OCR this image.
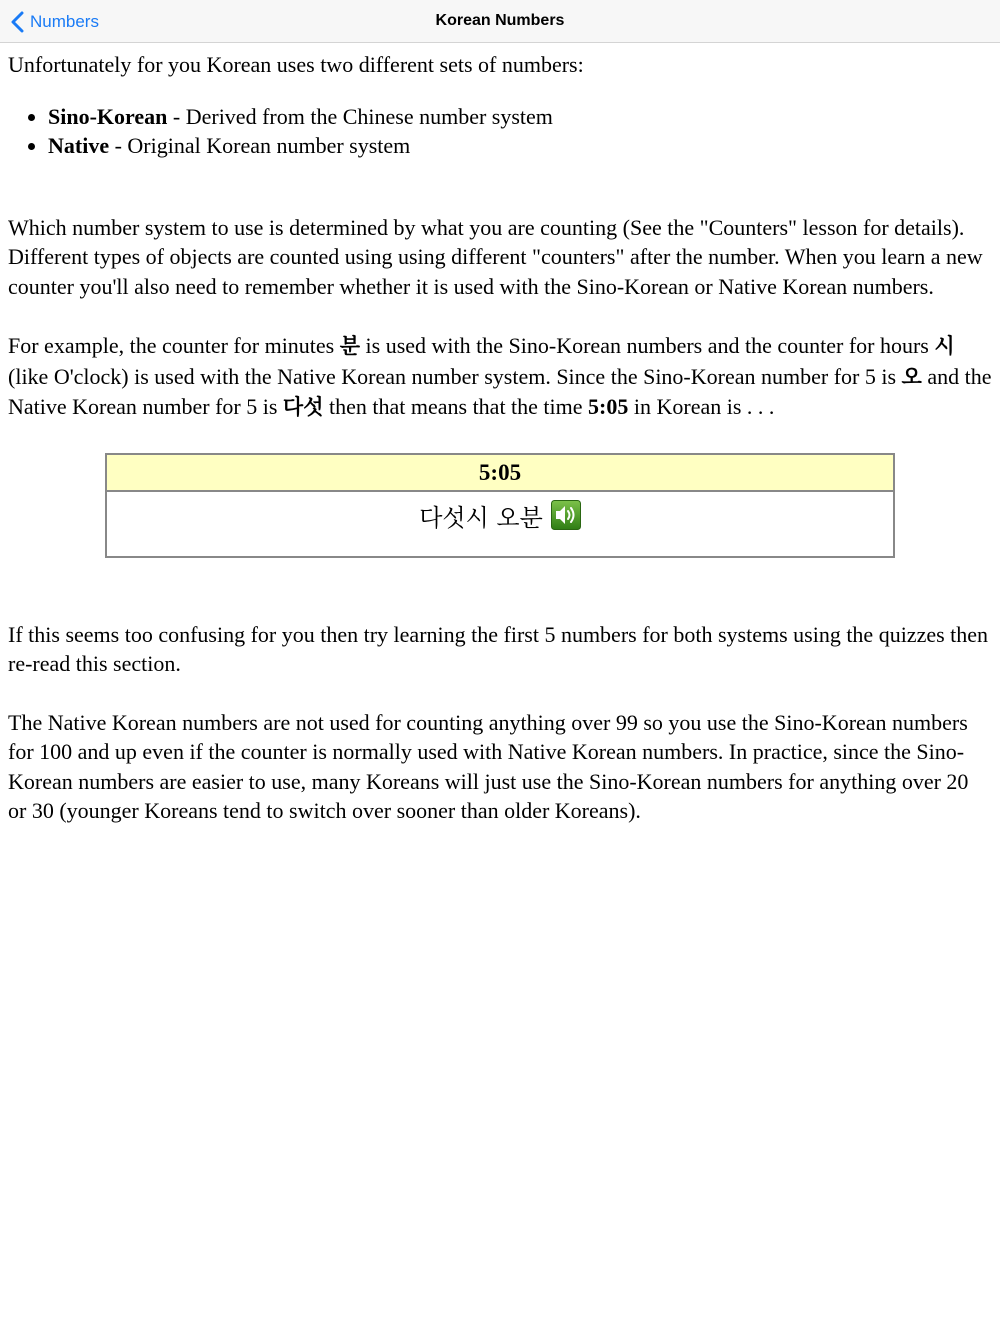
Numbers	Korean Numbers

Unfortunately for you Korean uses two different sets of numbers:

• Sino-Korean - Derived from the Chinese number system
• Native - Original Korean number system

Which number system to use is determined by what you are counting (See the "Counters" lesson for details). Different types of objects are counted using using different "counters" after the number. When you learn a new counter you'll also need to remember whether it is used with the Sino-Korean or Native Korean numbers.

For example, the counter for minutes 분 is used with the Sino-Korean numbers and the counter for hours 시 (like O'clock) is used with the Native Korean number system. Since the Sino-Korean number for 5 is 오 and the Native Korean number for 5 is 다섯 then that means that the time 5:05 in Korean is . . .

5:05
다섯시 오분

If this seems too confusing for you then try learning the first 5 numbers for both systems using the quizzes then re-read this section.

The Native Korean numbers are not used for counting anything over 99 so you use the Sino-Korean numbers for 100 and up even if the counter is normally used with Native Korean numbers. In practice, since the Sino-Korean numbers are easier to use, many Koreans will just use the Sino-Korean numbers for anything over 20 or 30 (younger Koreans tend to switch over sooner than older Koreans).
